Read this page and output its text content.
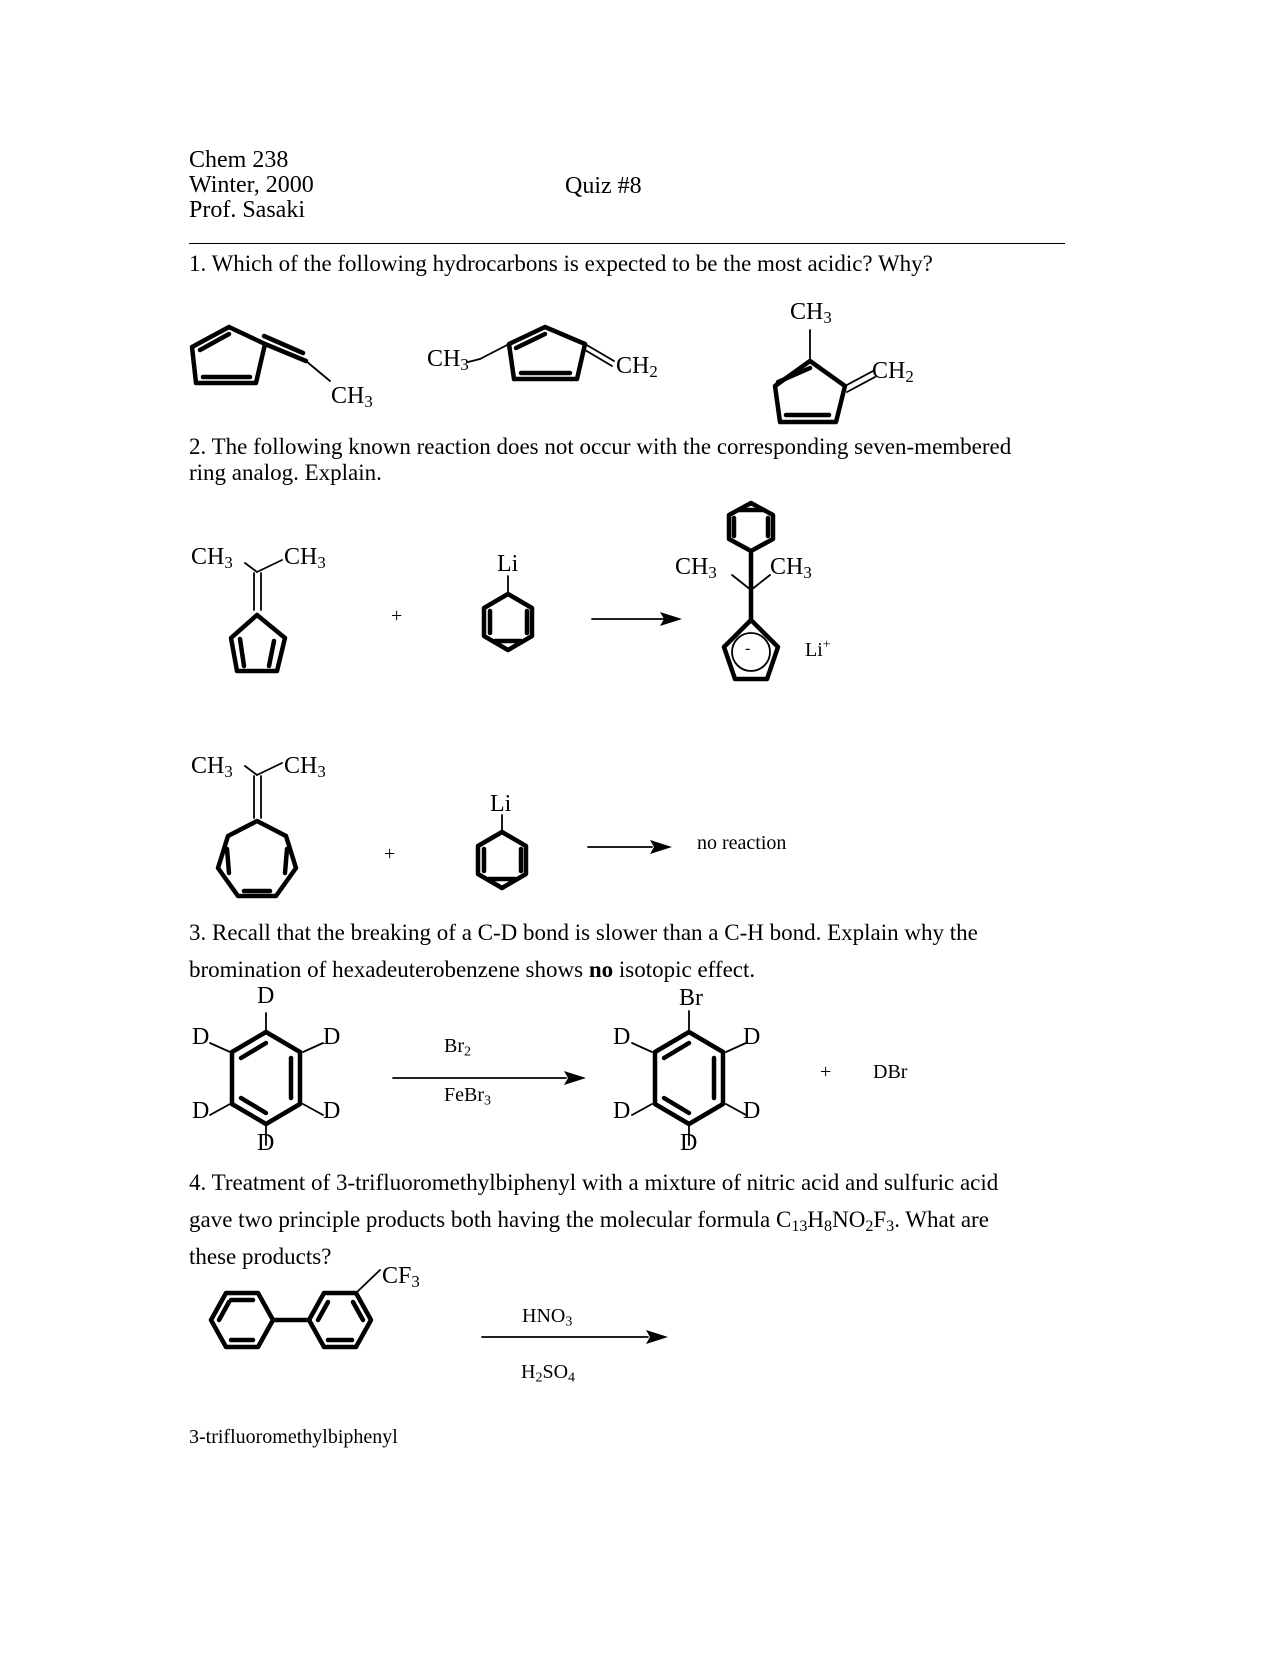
Chem 238
Winter, 2000
Prof. Sasaki
Quiz #8
1. Which of the following hydrocarbons is expected to be the most acidic? Why?
$CH_3$
$CH_3$	$CH_2$
$CH_3$
$CH_2$
2. The following known reaction does not occur with the corresponding seven-membered
ring analog. Explain.
$CH_3$ $CH_3$
+
Li	$CH_3$ $CH_3$
-	Li+
$CH_3$ $CH_3$
+
Li
no reaction
3. Recall that the breaking of a C-D bond is slower than a C-H bond. Explain why the
bromination of hexadeuterobenzene shows no isotopic effect.
D
D	D
D	D
D
$Br_2$
FeBr$_3$
Br
D	D
D	D
D
+ DBr
4. Treatment of 3-trifluoromethylbiphenyl with a mixture of nitric acid and sulfuric acid
gave two principle products both having the molecular formula $C_{13}H_8NO_2F_3$. What are
these products?
$CF_3$
$HNO_3$
$H_2SO_4$
3-trifluoromethylbiphenyl
